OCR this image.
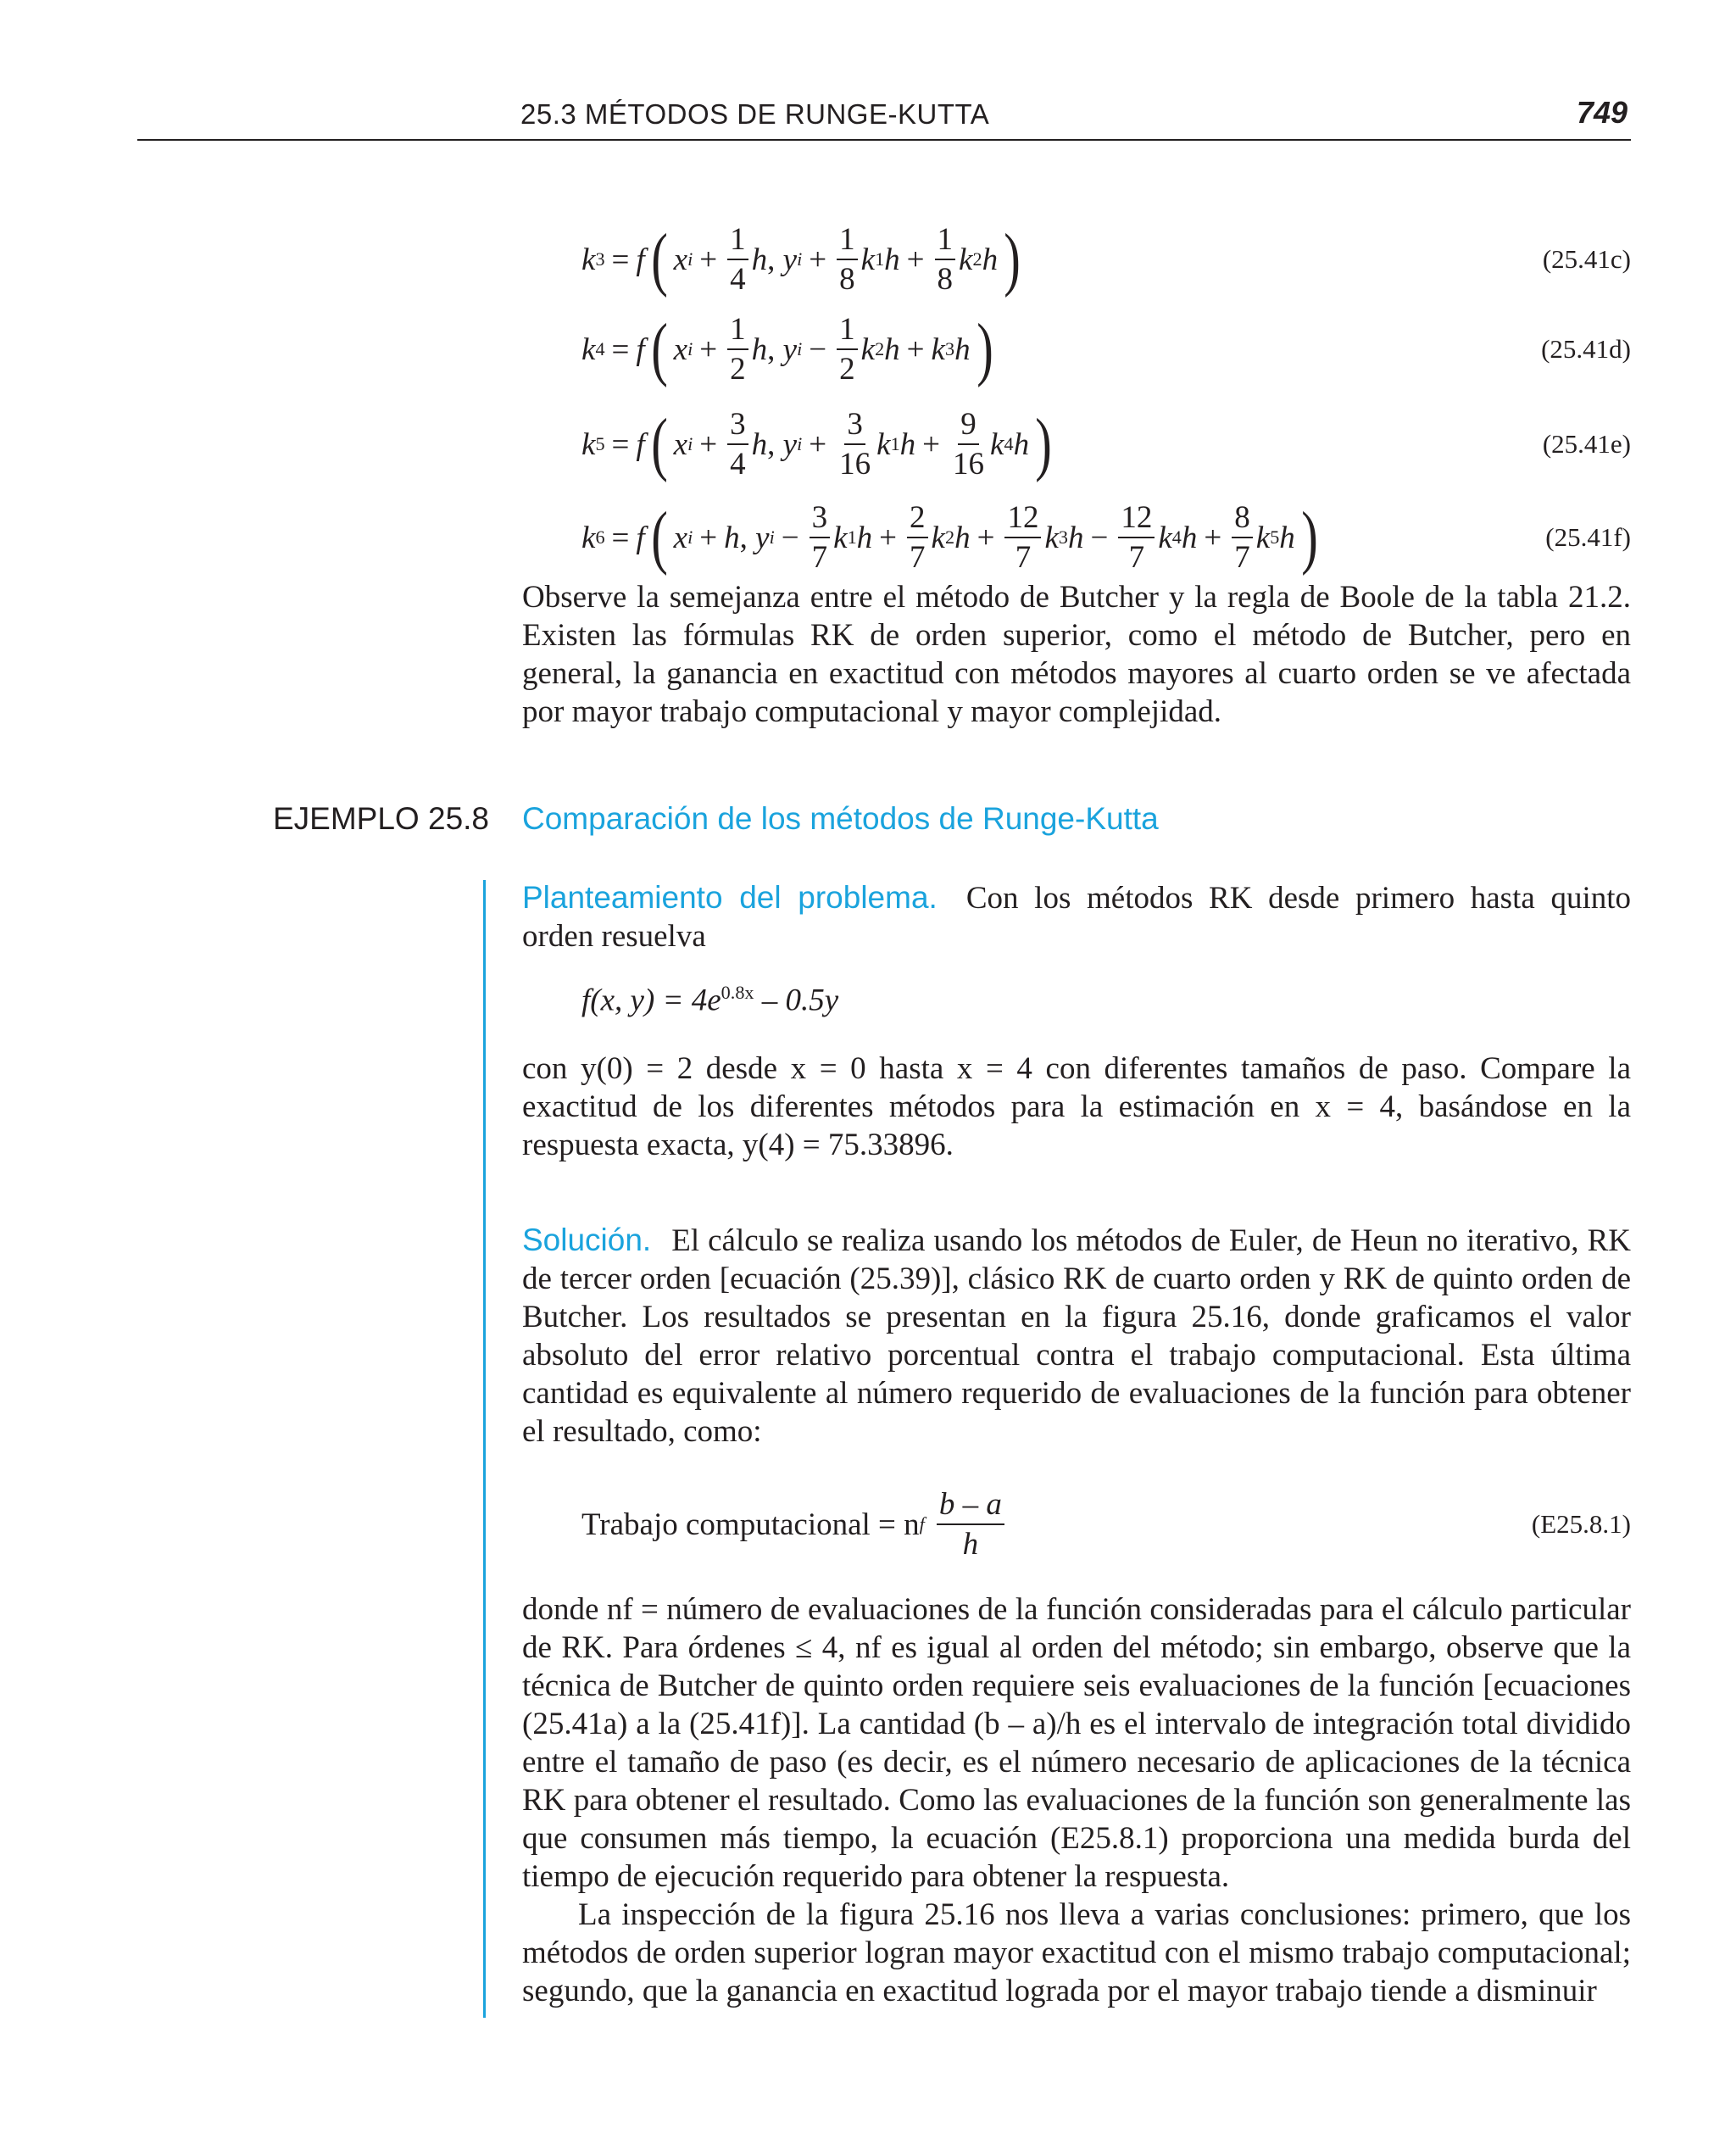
25.3 MÉTODOS DE RUNGE-KUTTA	749
k 3 = f ( x $i + \frac{1}{4}$ h , y $i + \frac{1}{8}$ k 1 $h + \frac{1}{8}$ k 2 h )	(25.41c)
k 4 = f ( x $i + \frac{1}{2}$ h , y $i - \frac{1}{2}$ k 2 h + k 3 h )	(25.41d)
k 5 = f ( x $i + \frac{3}{4}$ h , y $i + \frac{3}{16}$ k 1 $h + \frac{9}{16}$ k 4 h )	(25.41e)
k 6 = f ( x i + h , y $i - \frac{3}{7}$ k 1 $h + \frac{2}{7}$ k 2 $h + \frac{12}{7}$ k 3 $h - \frac{12}{7}$ k 4 $h + \frac{8}{7}$ k 5 h )	(25.41f)

Observe la semejanza entre el método de Butcher y la regla de Boole de la tabla 21.2. Existen las fórmulas RK de orden superior, como el método de Butcher, pero en general, la ganancia en exactitud con métodos mayores al cuarto orden se ve afectada por mayor trabajo computacional y mayor complejidad.

EJEMPLO 25.8 Comparación de los métodos de Runge-Kutta

Planteamiento del problema. Con los métodos RK desde primero hasta quinto orden resuelva

f(x, $y) = 4e^{0.8x} - 0.5y$

con y(0) = 2 desde x = 0 hasta x = 4 con diferentes tamaños de paso. Compare la exactitud de los diferentes métodos para la estimación en x = 4, basándose en la respuesta exacta, y(4) = 75.33896.

Solución. El cálculo se realiza usando los métodos de Euler, de Heun no iterativo, RK de tercer orden [ecuación (25.39)], clásico RK de cuarto orden y RK de quinto orden de Butcher. Los resultados se presentan en la figura 25.16, donde graficamos el valor absoluto del error relativo porcentual contra el trabajo computacional. Esta última cantidad es equivalente al número requerido de evaluaciones de la función para obtener el resultado, como:

Trabajo computacional = n f $\frac{b - a}{h}$	(E25.8.1)

donde nf = número de evaluaciones de la función consideradas para el cálculo particular de RK. Para órdenes ≤ 4, nf es igual al orden del método; sin embargo, observe que la técnica de Butcher de quinto orden requiere seis evaluaciones de la función [ecuaciones (25.41a) a la (25.41f)]. La cantidad (b – a)/h es el intervalo de integración total dividido entre el tamaño de paso (es decir, es el número necesario de aplicaciones de la técnica RK para obtener el resultado. Como las evaluaciones de la función son generalmente las que consumen más tiempo, la ecuación (E25.8.1) proporciona una medida burda del tiempo de ejecución requerido para obtener la respuesta.

La inspección de la figura 25.16 nos lleva a varias conclusiones: primero, que los métodos de orden superior logran mayor exactitud con el mismo trabajo computacional; segundo, que la ganancia en exactitud lograda por el mayor trabajo tiende a disminuir
